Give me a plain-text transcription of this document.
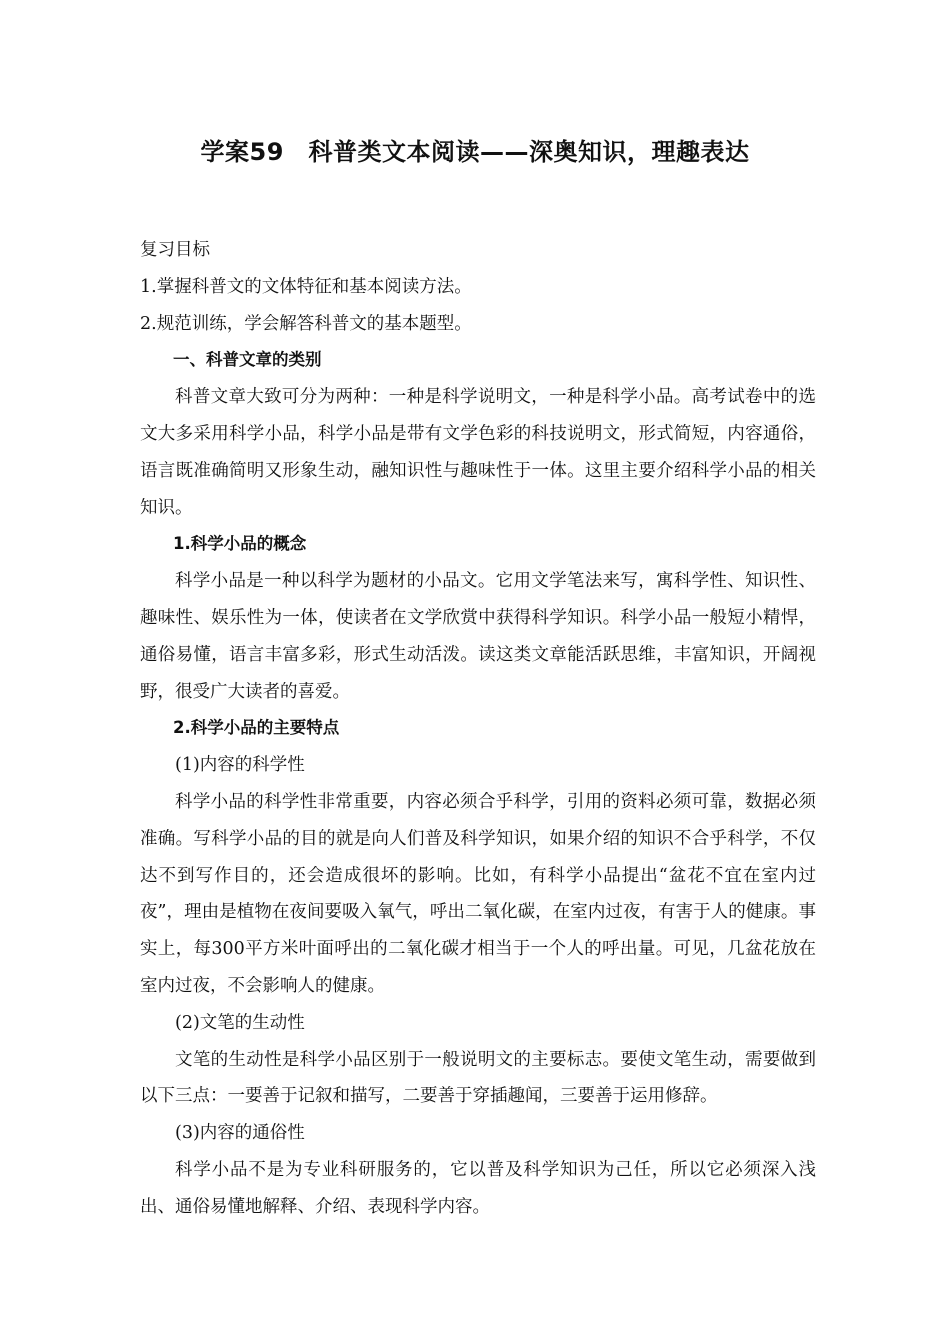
学案59　科普类文本阅读——深奥知识，理趣表达

复习目标

1.掌握科普文的文体特征和基本阅读方法。

2.规范训练，学会解答科普文的基本题型。

一、科普文章的类别

科普文章大致可分为两种：一种是科学说明文，一种是科学小品。高考试卷中的选文大多采用科学小品，科学小品是带有文学色彩的科技说明文，形式简短，内容通俗，语言既准确简明又形象生动，融知识性与趣味性于一体。这里主要介绍科学小品的相关知识。

1.科学小品的概念

科学小品是一种以科学为题材的小品文。它用文学笔法来写，寓科学性、知识性、趣味性、娱乐性为一体，使读者在文学欣赏中获得科学知识。科学小品一般短小精悍，通俗易懂，语言丰富多彩，形式生动活泼。读这类文章能活跃思维，丰富知识，开阔视野，很受广大读者的喜爱。

2.科学小品的主要特点

(1)内容的科学性

科学小品的科学性非常重要，内容必须合乎科学，引用的资料必须可靠，数据必须准确。写科学小品的目的就是向人们普及科学知识，如果介绍的知识不合乎科学，不仅达不到写作目的，还会造成很坏的影响。比如，有科学小品提出“盆花不宜在室内过夜”，理由是植物在夜间要吸入氧气，呼出二氧化碳，在室内过夜，有害于人的健康。事实上，每300平方米叶面呼出的二氧化碳才相当于一个人的呼出量。可见，几盆花放在室内过夜，不会影响人的健康。

(2)文笔的生动性

文笔的生动性是科学小品区别于一般说明文的主要标志。要使文笔生动，需要做到以下三点：一要善于记叙和描写，二要善于穿插趣闻，三要善于运用修辞。

(3)内容的通俗性

科学小品不是为专业科研服务的，它以普及科学知识为己任，所以它必须深入浅出、通俗易懂地解释、介绍、表现科学内容。
